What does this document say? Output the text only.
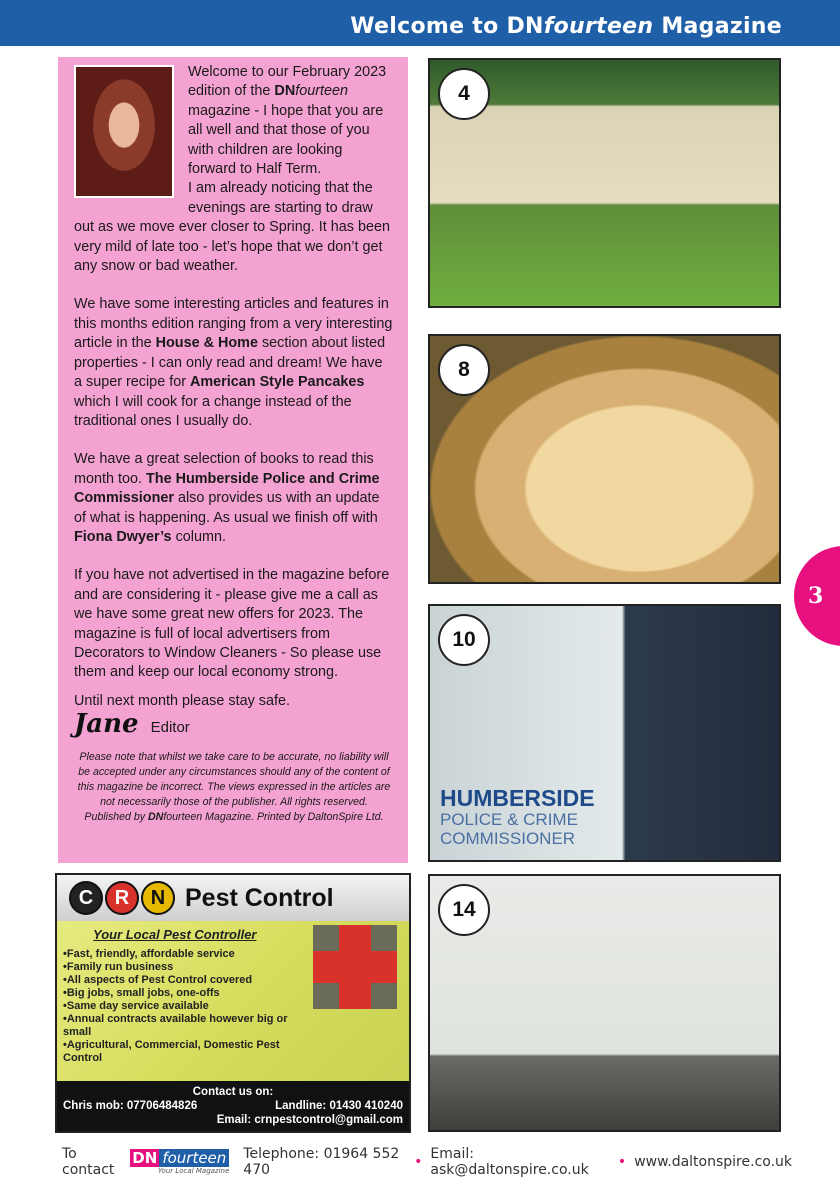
Welcome to DNfourteen Magazine

Welcome to our February 2023 edition of the DNfourteen magazine - I hope that you are all well and that those of you with children are looking forward to Half Term.
I am already noticing that the evenings are starting to draw out as we move ever closer to Spring. It has been very mild of late too - let’s hope that we don’t get any snow or bad weather.

We have some interesting articles and features in this months edition ranging from a very interesting article in the House & Home section about listed properties - I can only read and dream! We have a super recipe for American Style Pancakes which I will cook for a change instead of the traditional ones I usually do.

We have a great selection of books to read this month too. The Humberside Police and Crime Commissioner also provides us with an update of what is happening. As usual we finish off with Fiona Dwyer’s column.

If you have not advertised in the magazine before and are considering it - please give me a call as we have some great new offers for 2023. The magazine is full of local advertisers from Decorators to Window Cleaners - So please use them and keep our local economy strong.

Until next month please stay safe.

Jane Editor
Please note that whilst we take care to be accurate, no liability will be accepted under any circumstances should any of the content of this magazine be incorrect. The views expressed in the articles are not necessarily those of the publisher. All rights reserved. Published by DNfourteen Magazine. Printed by DaltonSpire Ltd.
4
8
10
HUMBERSIDE
POLICE & CRIME
COMMISSIONER
14
C	R	N Pest Control
Your Local Pest Controller
• Fast, friendly, affordable service
• Family run business
• All aspects of Pest Control covered
• Big jobs, small jobs, one-offs
• Same day service available
• Annual contracts available however big or small
• Agricultural, Commercial, Domestic Pest Control
Contact us on:
Chris mob: 07706484826	Landline: 01430 410240
Email: crnpestcontrol@gmail.com
3
To contact
DN fourteen
Your Local Magazine
Telephone: 01964 552 470	• Email: ask@daltonspire.co.uk	• www.daltonspire.co.uk
